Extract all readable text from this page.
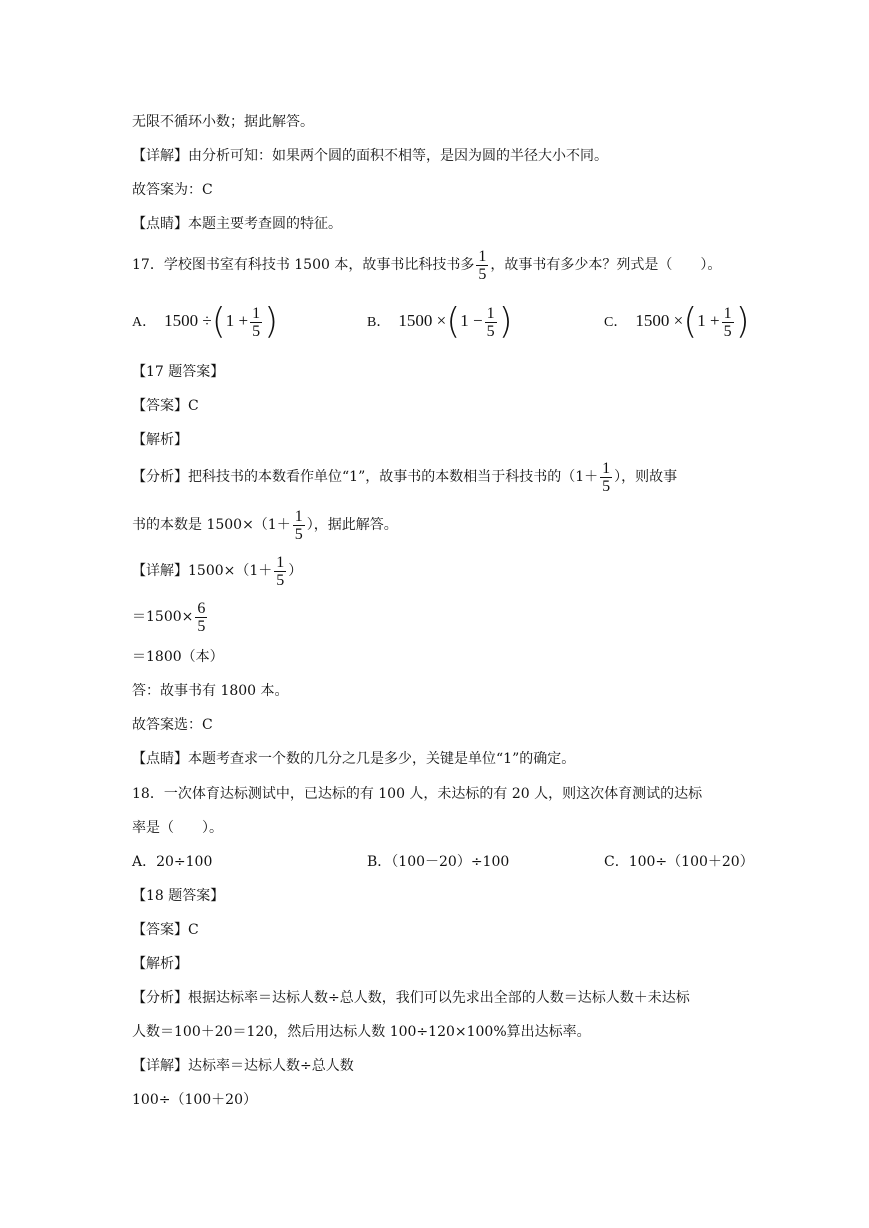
无限不循环小数；据此解答。
【详解】由分析可知：如果两个圆的面积不相等，是因为圆的半径大小不同。
故答案为：C
【点睛】本题主要考查圆的特征。
17．学校图书室有科技书 1500 本，故事书比科技书多 $\frac{1}{5}$ ，故事书有多少本？列式是（　　）。
A． $1500 \div(1 + \frac{1}{5}$ )	B． $1500 \times(1 - \frac{1}{5}$ )	C． $1500 \times(1 + \frac{1}{5}$ )
【17 题答案】
【答案】C
【解析】
【分析】把科技书的本数看作单位“1”，故事书的本数相当于科技书的（$1+ \frac{1}{5}$ ），则故事
书的本数是 $1500\times(1+ \frac{1}{5}$ ），据此解答。
【详解】$1500\times(1+ \frac{1}{5}$ ）
$=1500\times \frac{6}{5}$
＝1800（本）
答：故事书有 1800 本。
故答案选：C
【点睛】本题考查求一个数的几分之几是多少，关键是单位“1”的确定。
18．一次体育达标测试中，已达标的有 100 人，未达标的有 20 人，则这次体育测试的达标
率是（　　）。
A．20÷100	B．（100－20）÷100	C．100÷（100＋20）
【18 题答案】
【答案】C
【解析】
【分析】根据达标率＝达标人数÷总人数，我们可以先求出全部的人数＝达标人数＋未达标
人数＝100＋20＝120，然后用达标人数 100÷120×100%算出达标率。
【详解】达标率＝达标人数÷总人数
100÷（100＋20）
